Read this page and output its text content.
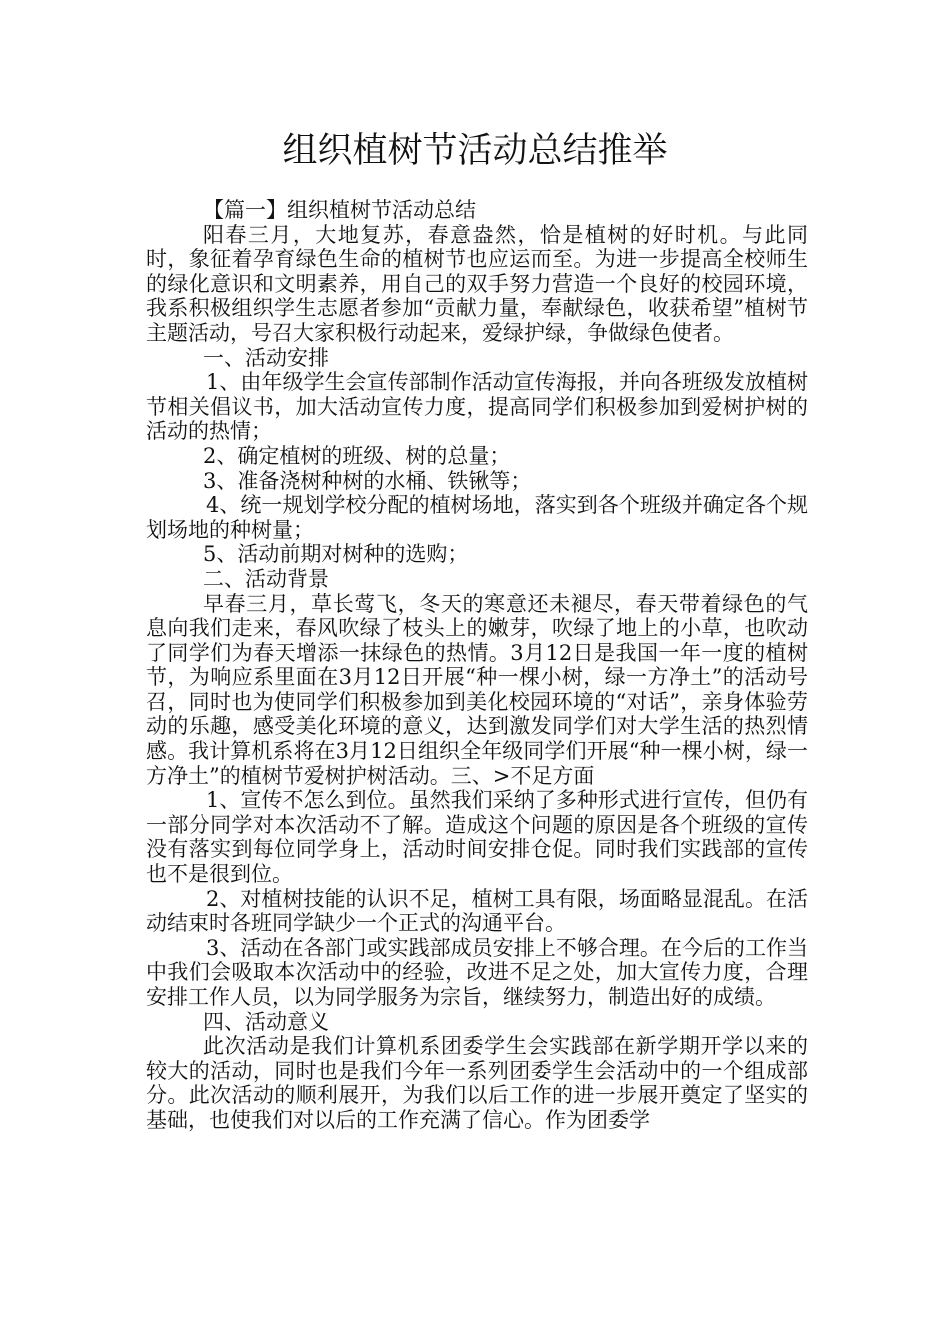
组织植树节活动总结推举

【篇一】组织植树节活动总结

阳春三月，大地复苏，春意盎然，恰是植树的好时机。与此同时，象征着孕育绿色生命的植树节也应运而至。为进一步提高全校师生的绿化意识和文明素养，用自己的双手努力营造一个良好的校园环境，我系积极组织学生志愿者参加“贡献力量，奉献绿色，收获希望”植树节主题活动，号召大家积极行动起来，爱绿护绿，争做绿色使者。

一、活动安排

1、由年级学生会宣传部制作活动宣传海报，并向各班级发放植树节相关倡议书，加大活动宣传力度，提高同学们积极参加到爱树护树的活动的热情；

2、确定植树的班级、树的总量；

3、准备浇树种树的水桶、铁锹等；

4、统一规划学校分配的植树场地，落实到各个班级并确定各个规划场地的种树量；

5、活动前期对树种的选购；

二、活动背景

早春三月，草长莺飞，冬天的寒意还未褪尽，春天带着绿色的气息向我们走来，春风吹绿了枝头上的嫩芽，吹绿了地上的小草，也吹动了同学们为春天增添一抹绿色的热情。3月12日是我国一年一度的植树节，为响应系里面在3月12日开展“种一棵小树，绿一方净土”的活动号召，同时也为使同学们积极参加到美化校园环境的“对话”，亲身体验劳动的乐趣，感受美化环境的意义，达到激发同学们对大学生活的热烈情感。我计算机系将在3月12日组织全年级同学们开展“种一棵小树，绿一方净土”的植树节爱树护树活动。三、>不足方面

1、宣传不怎么到位。虽然我们采纳了多种形式进行宣传，但仍有一部分同学对本次活动不了解。造成这个问题的原因是各个班级的宣传没有落实到每位同学身上，活动时间安排仓促。同时我们实践部的宣传也不是很到位。

2、对植树技能的认识不足，植树工具有限，场面略显混乱。在活动结束时各班同学缺少一个正式的沟通平台。

3、活动在各部门或实践部成员安排上不够合理。在今后的工作当中我们会吸取本次活动中的经验，改进不足之处，加大宣传力度，合理安排工作人员，以为同学服务为宗旨，继续努力，制造出好的成绩。

四、活动意义

此次活动是我们计算机系团委学生会实践部在新学期开学以来的较大的活动，同时也是我们今年一系列团委学生会活动中的一个组成部分。此次活动的顺利展开，为我们以后工作的进一步展开奠定了坚实的基础，也使我们对以后的工作充满了信心。作为团委学
